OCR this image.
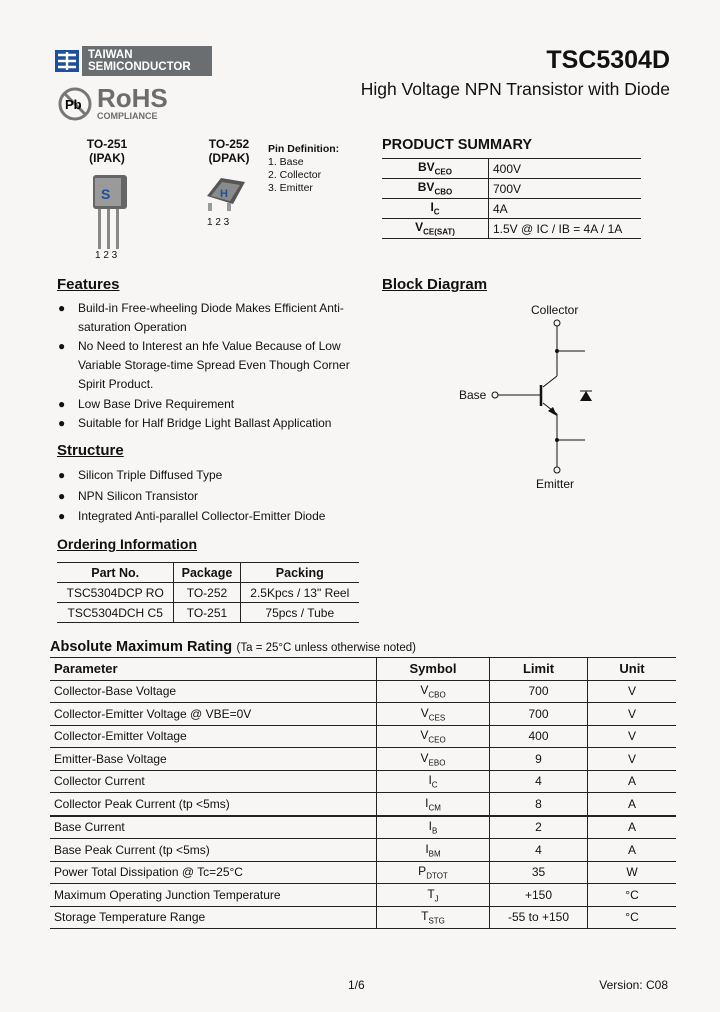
TAIWAN
SEMICONDUCTOR	TSC5304D
High Voltage NPN Transistor with Diode
Pb RoHS
COMPLIANCE
TO-251
(IPAK)
S
1 2 3
TO-252
(DPAK)
H
1 2 3
Pin Definition:
1. Base
2. Collector
3. Emitter
PRODUCT SUMMARY
$BV_{CEO}$	400V
$BV_{CBO}$	700V
$I_C$	4A
$V_{CE(SAT)}$	1.5V @ IC / IB = 4A / 1A
Features
● Build-in Free-wheeling Diode Makes Efficient Anti-saturation Operation
● No Need to Interest an hfe Value Because of Low Variable Storage-time Spread Even Though Corner Spirit Product.
● Low Base Drive Requirement
● Suitable for Half Bridge Light Ballast Application
Structure
● Silicon Triple Diffused Type
● NPN Silicon Transistor
● Integrated Anti-parallel Collector-Emitter Diode
Block Diagram
Collector
Base
Emitter
Ordering Information
Part No.	Package	Packing
TSC5304DCP RO	TO-252	2.5Kpcs / 13" Reel
TSC5304DCH C5	TO-251	75pcs / Tube
Absolute Maximum Rating (Ta = 25°C unless otherwise noted)
Parameter	Symbol	Limit	Unit
Collector-Base Voltage	$V_{CBO}$	700	V
Collector-Emitter Voltage @ VBE=0V	$V_{CES}$	700	V
Collector-Emitter Voltage	$V_{CEO}$	400	V
Emitter-Base Voltage	$V_{EBO}$	9	V
Collector Current	$I_C$	4	A
Collector Peak Current (tp <5ms)	$I_{CM}$	8	A
Base Current	$I_B$	2	A
Base Peak Current (tp <5ms)	$I_{BM}$	4	A
Power Total Dissipation @ Tc=25°C	$P_{DTOT}$	35	W
Maximum Operating Junction Temperature	$T_J$	+150	°C
Storage Temperature Range	$T_{STG}$	-55 to +150	°C
1/6	Version: C08
